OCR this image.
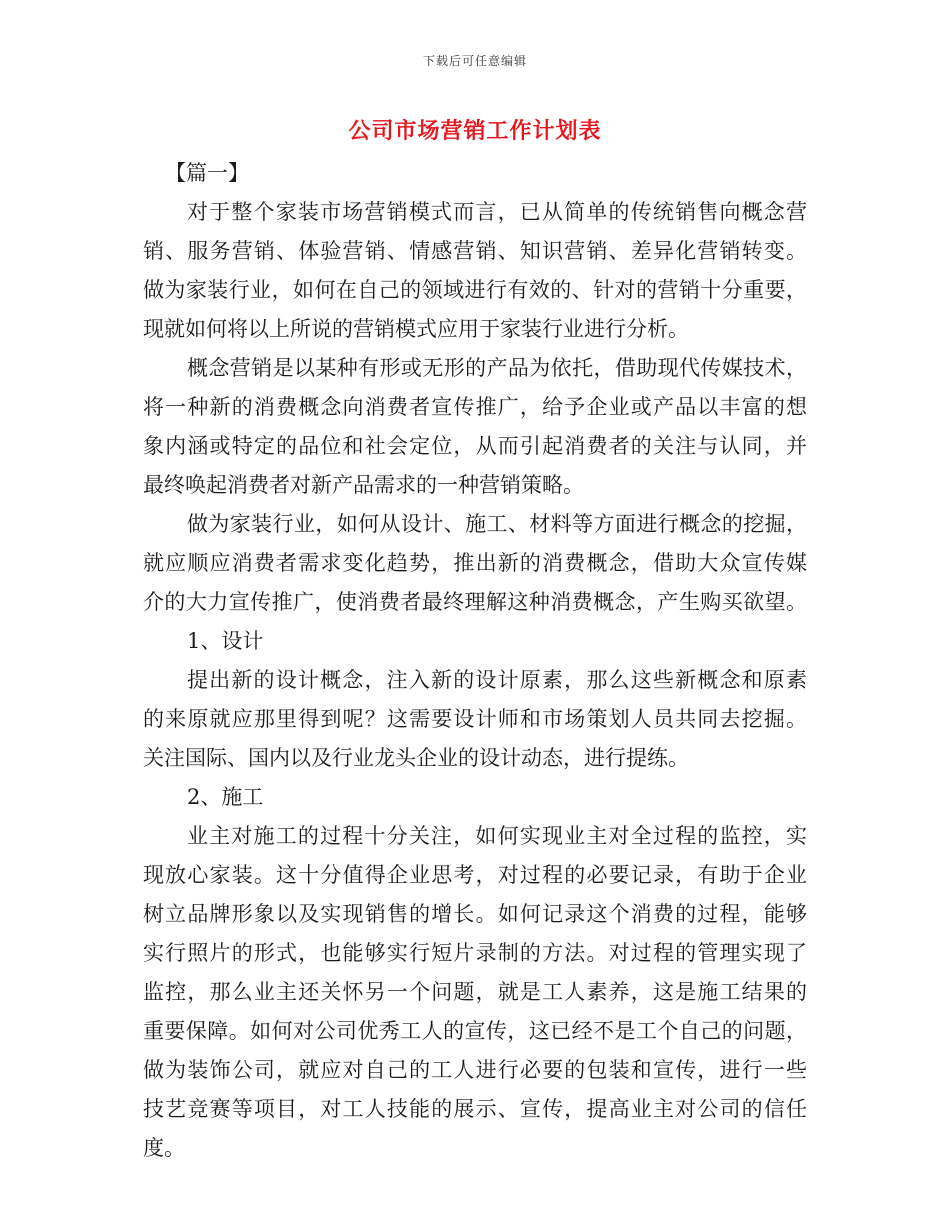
下载后可任意编辑
公司市场营销工作计划表
【篇一】
对于整个家装市场营销模式而言，已从简单的传统销售向概念营
销、服务营销、体验营销、情感营销、知识营销、差异化营销转变。
做为家装行业，如何在自己的领域进行有效的、针对的营销十分重要，
现就如何将以上所说的营销模式应用于家装行业进行分析。
概念营销是以某种有形或无形的产品为依托，借助现代传媒技术，
将一种新的消费概念向消费者宣传推广，给予企业或产品以丰富的想
象内涵或特定的品位和社会定位，从而引起消费者的关注与认同，并
最终唤起消费者对新产品需求的一种营销策略。
做为家装行业，如何从设计、施工、材料等方面进行概念的挖掘，
就应顺应消费者需求变化趋势，推出新的消费概念，借助大众宣传媒
介的大力宣传推广，使消费者最终理解这种消费概念，产生购买欲望。
1、设计
提出新的设计概念，注入新的设计原素，那么这些新概念和原素
的来原就应那里得到呢？这需要设计师和市场策划人员共同去挖掘。
关注国际、国内以及行业龙头企业的设计动态，进行提练。
2、施工
业主对施工的过程十分关注，如何实现业主对全过程的监控，实
现放心家装。这十分值得企业思考，对过程的必要记录，有助于企业
树立品牌形象以及实现销售的增长。如何记录这个消费的过程，能够
实行照片的形式，也能够实行短片录制的方法。对过程的管理实现了
监控，那么业主还关怀另一个问题，就是工人素养，这是施工结果的
重要保障。如何对公司优秀工人的宣传，这已经不是工个自己的问题，
做为装饰公司，就应对自己的工人进行必要的包装和宣传，进行一些
技艺竞赛等项目，对工人技能的展示、宣传，提高业主对公司的信任
度。
